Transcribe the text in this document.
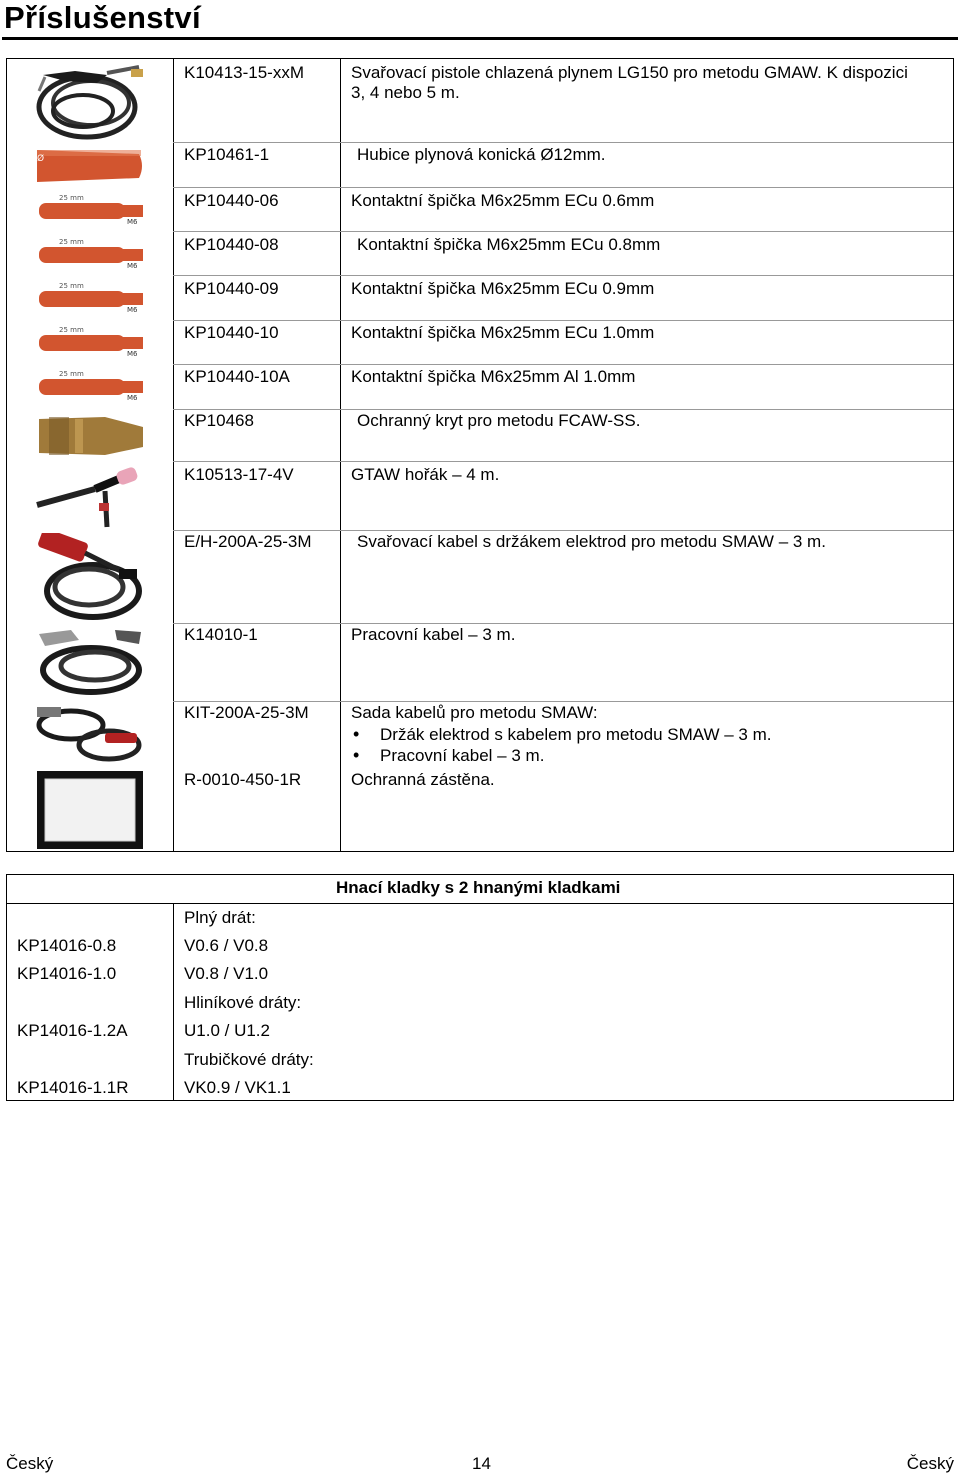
Příslušenství
K10413-15-xxM	Svařovací pistole chlazená plynem LG150 pro metodu GMAW. K dispozici
3, 4 nebo 5 m.
Ø	KP10461-1	Hubice plynová konická Ø12mm.
25 mm
M6
KP10440-06	Kontaktní špička M6x25mm ECu 0.6mm
25 mm
M6
KP10440-08	Kontaktní špička M6x25mm ECu 0.8mm
25 mm
M6
KP10440-09	Kontaktní špička M6x25mm ECu 0.9mm
25 mm
M6
KP10440-10	Kontaktní špička M6x25mm ECu 1.0mm
25 mm
M6
KP10440-10A	Kontaktní špička M6x25mm Al 1.0mm
KP10468	Ochranný kryt pro metodu FCAW-SS.
K10513-17-4V	GTAW hořák – 4 m.
E/H-200A-25-3M	Svařovací kabel s držákem elektrod pro metodu SMAW – 3 m.
K14010-1	Pracovní kabel – 3 m.
KIT-200A-25-3M Sada kabelů pro metodu SMAW:
• Držák elektrod s kabelem pro metodu SMAW – 3 m.
• Pracovní kabel – 3 m.
R-0010-450-1R	Ochranná zástěna.
Hnací kladky s 2 hnanými kladkami
Plný drát:
KP14016-0.8	V0.6 / V0.8
KP14016-1.0	V0.8 / V1.0
Hliníkové dráty:
KP14016-1.2A	U1.0 / U1.2
Trubičkové dráty:
KP14016-1.1R	VK0.9 / VK1.1
Český	14	Český
